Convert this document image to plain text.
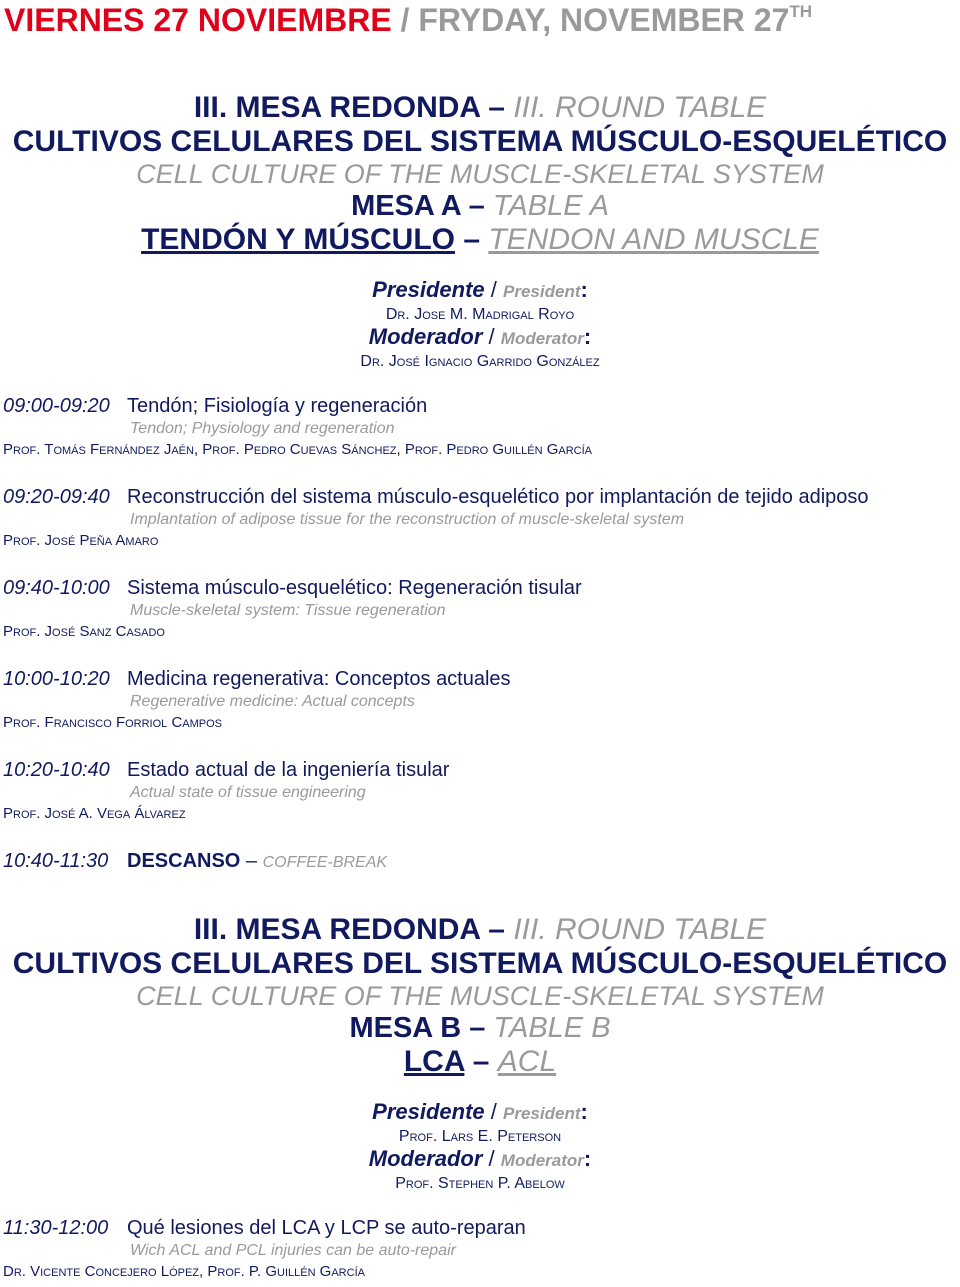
VIERNES 27 NOVIEMBRE / FRYDAY, NOVEMBER 27TH
III. MESA REDONDA – III. ROUND TABLE
CULTIVOS CELULARES DEL SISTEMA MÚSCULO-ESQUELÉTICO
CELL CULTURE OF THE MUSCLE-SKELETAL SYSTEM
MESA A – TABLE A
TENDÓN Y MÚSCULO – TENDON AND MUSCLE
Presidente / President:
Dr. Jose M. Madrigal Royo
Moderador / Moderator:
Dr. José Ignacio Garrido González
09:00-09:20 Tendón; Fisiología y regeneración
Tendon; Physiology and regeneration
Prof. Tomás Fernández Jaén, Prof. Pedro Cuevas Sánchez, Prof. Pedro Guillén García
09:20-09:40 Reconstrucción del sistema músculo-esquelético por implantación de tejido adiposo
Implantation of adipose tissue for the reconstruction of muscle-skeletal system
Prof. José Peña Amaro
09:40-10:00 Sistema músculo-esquelético: Regeneración tisular
Muscle-skeletal system: Tissue regeneration
Prof. José Sanz Casado
10:00-10:20 Medicina regenerativa: Conceptos actuales
Regenerative medicine: Actual concepts
Prof. Francisco Forriol Campos
10:20-10:40 Estado actual de la ingeniería tisular
Actual state of tissue engineering
Prof. José A. Vega Álvarez
10:40-11:30 DESCANSO – COFFEE-BREAK
III. MESA REDONDA – III. ROUND TABLE
CULTIVOS CELULARES DEL SISTEMA MÚSCULO-ESQUELÉTICO
CELL CULTURE OF THE MUSCLE-SKELETAL SYSTEM
MESA B – TABLE B
LCA – ACL
Presidente / President:
Prof. Lars E. Peterson
Moderador / Moderator:
Prof. Stephen P. Abelow
11:30-12:00 Qué lesiones del LCA y LCP se auto-reparan
Wich ACL and PCL injuries can be auto-repair
Dr. Vicente Concejero López, Prof. P. Guillén García
